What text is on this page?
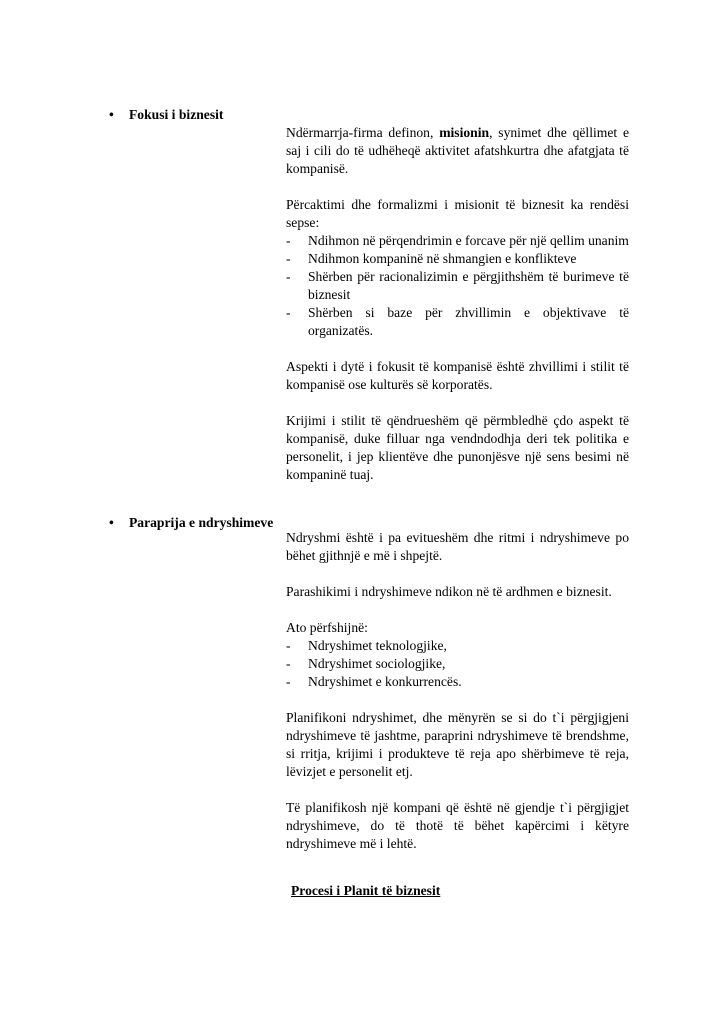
•	Fokusi i biznesit

Ndërmarrja-firma definon, misionin, synimet dhe qëllimet e saj i cili do të udhëheqë aktivitet afatshkurtra dhe afatgjata të kompanisë.

Përcaktimi dhe formalizmi i misionit të biznesit ka rendësi sepse:

- Ndihmon në përqendrimin e forcave për një qellim unanim
- Ndihmon kompaninë në shmangien e konflikteve
- Shërben për racionalizimin e përgjithshëm të burimeve të biznesit
- Shërben si baze për zhvillimin e objektivave të organizatës.

Aspekti i dytë i fokusit të kompanisë është zhvillimi i stilit të kompanisë ose kulturës së korporatës.

Krijimi i stilit të qëndrueshëm që përmbledhë çdo aspekt të kompanisë, duke filluar nga vendndodhja deri tek politika e personelit, i jep klientëve dhe punonjësve një sens besimi në kompaninë tuaj.

•	Paraprija e ndryshimeve

Ndryshmi është i pa evitueshëm dhe ritmi i ndryshimeve po bëhet gjithnjë e më i shpejtë.

Parashikimi i ndryshimeve ndikon në të ardhmen e biznesit.

Ato përfshijnë:

- Ndryshimet teknologjike,
- Ndryshimet sociologjike,
- Ndryshimet e konkurrencës.

Planifikoni ndryshimet, dhe mënyrën se si do t`i përgjigjeni ndryshimeve të jashtme, paraprini ndryshimeve të brendshme, si rritja, krijimi i produkteve të reja apo shërbimeve të reja, lëvizjet e personelit etj.

Të planifikosh një kompani që është në gjendje t`i përgjigjet ndryshimeve, do të thotë të bëhet kapërcimi i këtyre ndryshimeve më i lehtë.

Procesi i Planit të biznesit
